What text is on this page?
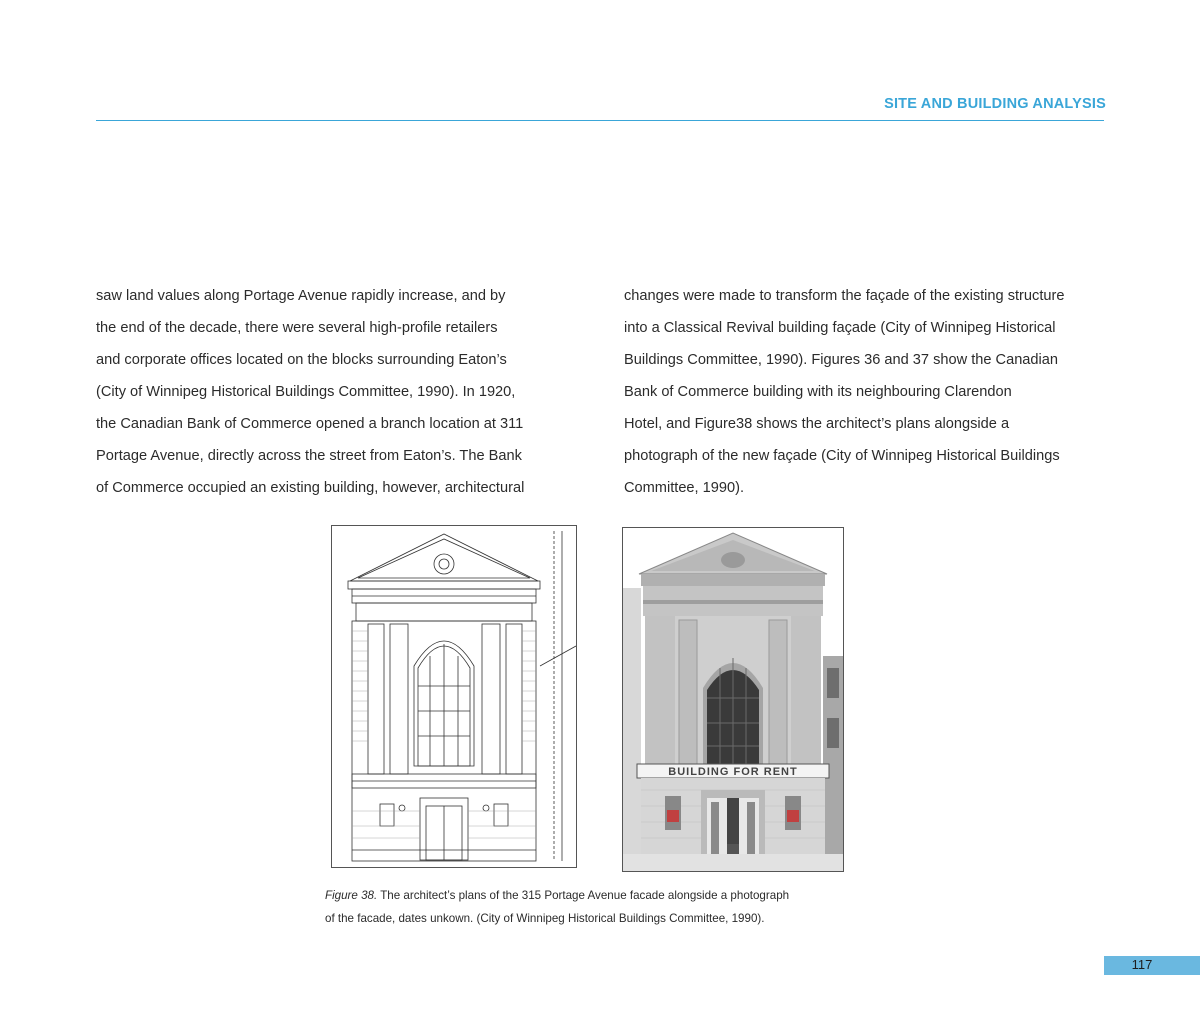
SITE AND BUILDING ANALYSIS

saw land values along Portage Avenue rapidly increase, and by

the end of the decade, there were several high-profile retailers

and corporate offices located on the blocks surrounding Eaton’s

(City of Winnipeg Historical Buildings Committee, 1990). In 1920,

the Canadian Bank of Commerce opened a branch location at 311

Portage Avenue, directly across the street from Eaton’s. The Bank

of Commerce occupied an existing building, however, architectural

changes were made to transform the façade of the existing structure

into a Classical Revival building façade (City of Winnipeg Historical

Buildings Committee, 1990). Figures 36 and 37 show the Canadian

Bank of Commerce building with its neighbouring Clarendon

Hotel, and Figure38 shows the architect’s plans alongside a

photograph of the new façade (City of Winnipeg Historical Buildings

Committee, 1990).

BUILDING FOR RENT

Figure 38. The architect’s plans of the 315 Portage Avenue facade alongside a photograph

of the facade, dates unkown. (City of Winnipeg Historical Buildings Committee, 1990).

117
